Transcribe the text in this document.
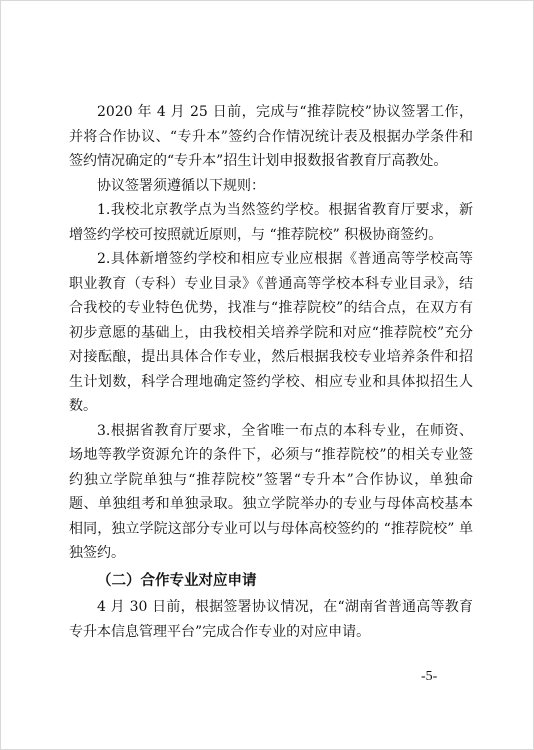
2020 年 4 月 25 日前，完成与“推荐院校”协议签署工作，并将合作协议、“专升本”签约合作情况统计表及根据办学条件和签约情况确定的“专升本”招生计划申报数报省教育厅高教处。

协议签署须遵循以下规则：

1.我校北京教学点为当然签约学校。根据省教育厅要求，新增签约学校可按照就近原则，与 “推荐院校” 积极协商签约。

2.具体新增签约学校和相应专业应根据《普通高等学校高等职业教育（专科）专业目录》《普通高等学校本科专业目录》，结合我校的专业特色优势，找准与“推荐院校”的结合点，在双方有初步意愿的基础上，由我校相关培养学院和对应“推荐院校”充分对接酝酿，提出具体合作专业，然后根据我校专业培养条件和招生计划数，科学合理地确定签约学校、相应专业和具体拟招生人数。

3.根据省教育厅要求，全省唯一布点的本科专业，在师资、场地等教学资源允许的条件下，必须与“推荐院校”的相关专业签约独立学院单独与“推荐院校”签署“专升本”合作协议，单独命题、单独组考和单独录取。独立学院举办的专业与母体高校基本相同，独立学院这部分专业可以与母体高校签约的 “推荐院校” 单独签约。

（二）合作专业对应申请

4 月 30 日前，根据签署协议情况，在“湖南省普通高等教育专升本信息管理平台”完成合作专业的对应申请。

-5-
